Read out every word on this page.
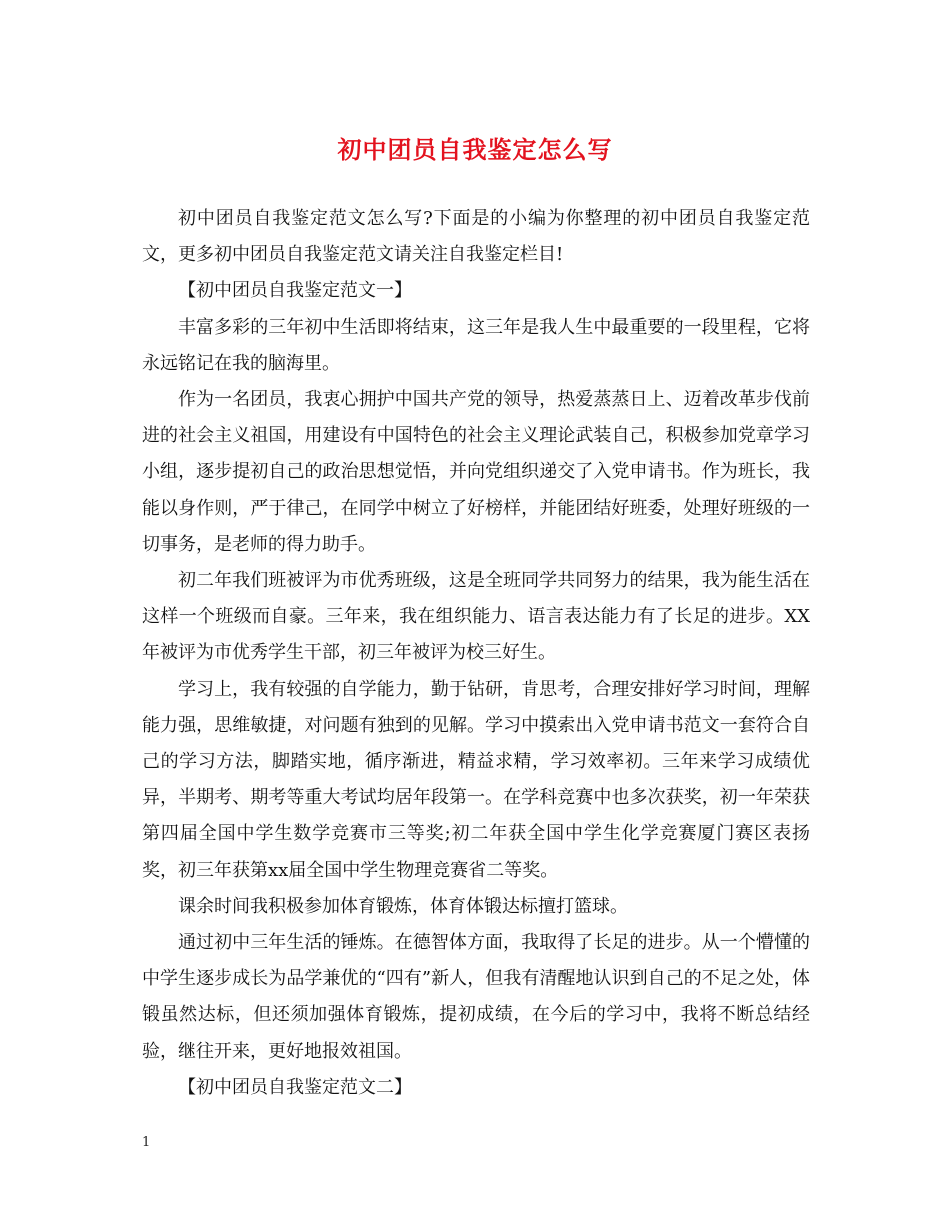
初中团员自我鉴定怎么写

初中团员自我鉴定范文怎么写?下面是的小编为你整理的初中团员自我鉴定范文，更多初中团员自我鉴定范文请关注自我鉴定栏目!

【初中团员自我鉴定范文一】

丰富多彩的三年初中生活即将结束，这三年是我人生中最重要的一段里程，它将永远铭记在我的脑海里。

作为一名团员，我衷心拥护中国共产党的领导，热爱蒸蒸日上、迈着改革步伐前进的社会主义祖国，用建设有中国特色的社会主义理论武装自己，积极参加党章学习小组，逐步提初自己的政治思想觉悟，并向党组织递交了入党申请书。作为班长，我能以身作则，严于律己，在同学中树立了好榜样，并能团结好班委，处理好班级的一切事务，是老师的得力助手。

初二年我们班被评为市优秀班级，这是全班同学共同努力的结果，我为能生活在这样一个班级而自豪。三年来，我在组织能力、语言表达能力有了长足的进步。XX年被评为市优秀学生干部，初三年被评为校三好生。

学习上，我有较强的自学能力，勤于钻研，肯思考，合理安排好学习时间，理解能力强，思维敏捷，对问题有独到的见解。学习中摸索出入党申请书范文一套符合自己的学习方法，脚踏实地，循序渐进，精益求精，学习效率初。三年来学习成绩优异，半期考、期考等重大考试均居年段第一。在学科竞赛中也多次获奖，初一年荣获第四届全国中学生数学竞赛市三等奖;初二年获全国中学生化学竞赛厦门赛区表扬奖，初三年获第xx届全国中学生物理竞赛省二等奖。

课余时间我积极参加体育锻炼，体育体锻达标擅打篮球。

通过初中三年生活的锤炼。在德智体方面，我取得了长足的进步。从一个懵懂的中学生逐步成长为品学兼优的“四有”新人，但我有清醒地认识到自己的不足之处，体锻虽然达标，但还须加强体育锻炼，提初成绩，在今后的学习中，我将不断总结经验，继往开来，更好地报效祖国。

【初中团员自我鉴定范文二】

1
